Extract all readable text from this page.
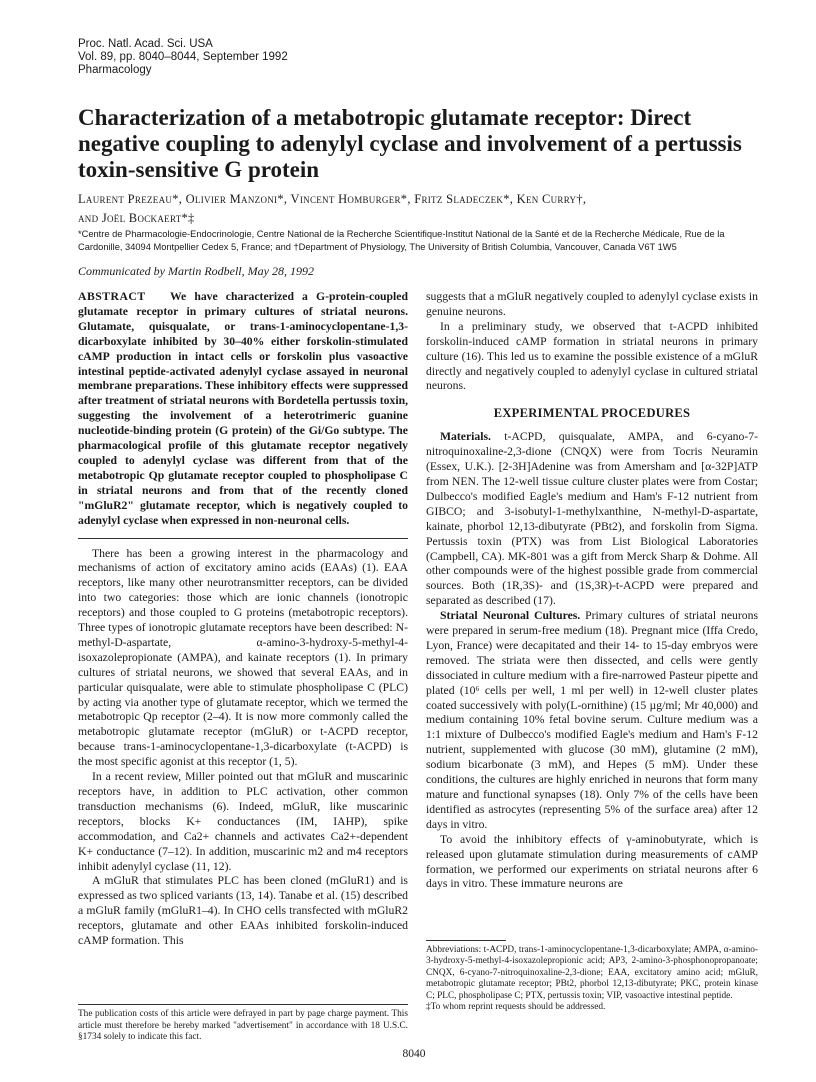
Proc. Natl. Acad. Sci. USA
Vol. 89, pp. 8040–8044, September 1992
Pharmacology
Characterization of a metabotropic glutamate receptor: Direct negative coupling to adenylyl cyclase and involvement of a pertussis toxin-sensitive G protein
Laurent Prezeau*, Olivier Manzoni*, Vincent Homburger*, Fritz Sladeczek*, Ken Curry†,
and Joël Bockaert*‡
*Centre de Pharmacologie-Endocrinologie, Centre National de la Recherche Scientifique-Institut National de la Santé et de la Recherche Médicale, Rue de la Cardonille, 34094 Montpellier Cedex 5, France; and †Department of Physiology, The University of British Columbia, Vancouver, Canada V6T 1W5
Communicated by Martin Rodbell, May 28, 1992

ABSTRACT We have characterized a G-protein-coupled glutamate receptor in primary cultures of striatal neurons. Glutamate, quisqualate, or trans-1-aminocyclopentane-1,3-dicarboxylate inhibited by 30–40% either forskolin-stimulated cAMP production in intact cells or forskolin plus vasoactive intestinal peptide-activated adenylyl cyclase assayed in neuronal membrane preparations. These inhibitory effects were suppressed after treatment of striatal neurons with Bordetella pertussis toxin, suggesting the involvement of a heterotrimeric guanine nucleotide-binding protein (G protein) of the Gi/Go subtype. The pharmacological profile of this glutamate receptor negatively coupled to adenylyl cyclase was different from that of the metabotropic Qp glutamate receptor coupled to phospholipase C in striatal neurons and from that of the recently cloned "mGluR2" glutamate receptor, which is negatively coupled to adenylyl cyclase when expressed in non-neuronal cells.

There has been a growing interest in the pharmacology and mechanisms of action of excitatory amino acids (EAAs) (1). EAA receptors, like many other neurotransmitter receptors, can be divided into two categories: those which are ionic channels (ionotropic receptors) and those coupled to G proteins (metabotropic receptors). Three types of ionotropic glutamate receptors have been described: N-methyl-D-aspartate, α-amino-3-hydroxy-5-methyl-4-isoxazolepropionate (AMPA), and kainate receptors (1). In primary cultures of striatal neurons, we showed that several EAAs, and in particular quisqualate, were able to stimulate phospholipase C (PLC) by acting via another type of glutamate receptor, which we termed the metabotropic Qp receptor (2–4). It is now more commonly called the metabotropic glutamate receptor (mGluR) or t-ACPD receptor, because trans-1-aminocyclopentane-1,3-dicarboxylate (t-ACPD) is the most specific agonist at this receptor (1, 5).

In a recent review, Miller pointed out that mGluR and muscarinic receptors have, in addition to PLC activation, other common transduction mechanisms (6). Indeed, mGluR, like muscarinic receptors, blocks K+ conductances (IM, IAHP), spike accommodation, and Ca2+ channels and activates Ca2+-dependent K+ conductance (7–12). In addition, muscarinic m2 and m4 receptors inhibit adenylyl cyclase (11, 12).

A mGluR that stimulates PLC has been cloned (mGluR1) and is expressed as two spliced variants (13, 14). Tanabe et al. (15) described a mGluR family (mGluR1–4). In CHO cells transfected with mGluR2 receptors, glutamate and other EAAs inhibited forskolin-induced cAMP formation. This

The publication costs of this article were defrayed in part by page charge payment. This article must therefore be hereby marked "advertisement" in accordance with 18 U.S.C. §1734 solely to indicate this fact.

suggests that a mGluR negatively coupled to adenylyl cyclase exists in genuine neurons.

In a preliminary study, we observed that t-ACPD inhibited forskolin-induced cAMP formation in striatal neurons in primary culture (16). This led us to examine the possible existence of a mGluR directly and negatively coupled to adenylyl cyclase in cultured striatal neurons.

EXPERIMENTAL PROCEDURES

Materials. t-ACPD, quisqualate, AMPA, and 6-cyano-7-nitroquinoxaline-2,3-dione (CNQX) were from Tocris Neuramin (Essex, U.K.). [2-3H]Adenine was from Amersham and [α-32P]ATP from NEN. The 12-well tissue culture cluster plates were from Costar; Dulbecco's modified Eagle's medium and Ham's F-12 nutrient from GIBCO; and 3-isobutyl-1-methylxanthine, N-methyl-D-aspartate, kainate, phorbol 12,13-dibutyrate (PBt2), and forskolin from Sigma. Pertussis toxin (PTX) was from List Biological Laboratories (Campbell, CA). MK-801 was a gift from Merck Sharp & Dohme. All other compounds were of the highest possible grade from commercial sources. Both (1R,3S)- and (1S,3R)-t-ACPD were prepared and separated as described (17).

Striatal Neuronal Cultures. Primary cultures of striatal neurons were prepared in serum-free medium (18). Pregnant mice (Iffa Credo, Lyon, France) were decapitated and their 14- to 15-day embryos were removed. The striata were then dissected, and cells were gently dissociated in culture medium with a fire-narrowed Pasteur pipette and plated (10⁶ cells per well, 1 ml per well) in 12-well cluster plates coated successively with poly(L-ornithine) (15 µg/ml; Mr 40,000) and medium containing 10% fetal bovine serum. Culture medium was a 1:1 mixture of Dulbecco's modified Eagle's medium and Ham's F-12 nutrient, supplemented with glucose (30 mM), glutamine (2 mM), sodium bicarbonate (3 mM), and Hepes (5 mM). Under these conditions, the cultures are highly enriched in neurons that form many mature and functional synapses (18). Only 7% of the cells have been identified as astrocytes (representing 5% of the surface area) after 12 days in vitro.

To avoid the inhibitory effects of γ-aminobutyrate, which is released upon glutamate stimulation during measurements of cAMP formation, we performed our experiments on striatal neurons after 6 days in vitro. These immature neurons are

Abbreviations: t-ACPD, trans-1-aminocyclopentane-1,3-dicarboxylate; AMPA, α-amino-3-hydroxy-5-methyl-4-isoxazolepropionic acid; AP3, 2-amino-3-phosphonopropanoate; CNQX, 6-cyano-7-nitroquinoxaline-2,3-dione; EAA, excitatory amino acid; mGluR, metabotropic glutamate receptor; PBt2, phorbol 12,13-dibutyrate; PKC, protein kinase C; PLC, phospholipase C; PTX, pertussis toxin; VIP, vasoactive intestinal peptide.
‡To whom reprint requests should be addressed.
8040
